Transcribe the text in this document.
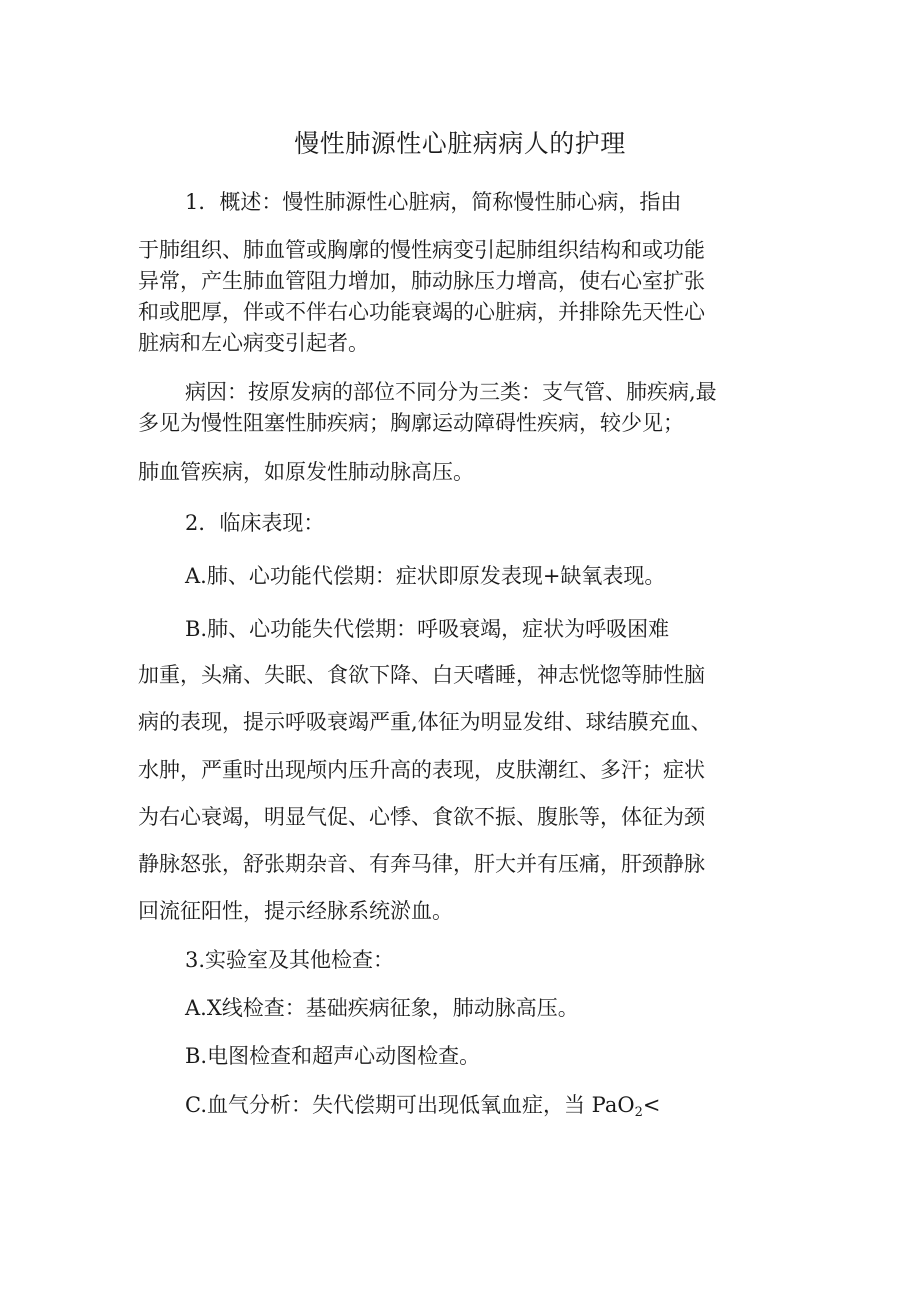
慢性肺源性心脏病病人的护理

1．概述：慢性肺源性心脏病，简称慢性肺心病，指由

于肺组织、肺血管或胸廓的慢性病变引起肺组织结构和或功能

异常，产生肺血管阻力增加，肺动脉压力增高，使右心室扩张

和或肥厚，伴或不伴右心功能衰竭的心脏病，并排除先天性心

脏病和左心病变引起者。

病因：按原发病的部位不同分为三类：支气管、肺疾病,最

多见为慢性阻塞性肺疾病；胸廓运动障碍性疾病，较少见；

肺血管疾病，如原发性肺动脉高压。

2．临床表现：

A.肺、心功能代偿期：症状即原发表现+缺氧表现。

B.肺、心功能失代偿期：呼吸衰竭，症状为呼吸困难

加重，头痛、失眠、食欲下降、白天嗜睡，神志恍惚等肺性脑

病的表现，提示呼吸衰竭严重,体征为明显发绀、球结膜充血、

水肿，严重时出现颅内压升高的表现，皮肤潮红、多汗；症状

为右心衰竭，明显气促、心悸、食欲不振、腹胀等，体征为颈

静脉怒张，舒张期杂音、有奔马律，肝大并有压痛，肝颈静脉

回流征阳性，提示经脉系统淤血。

3.实验室及其他检查：

A.X线检查：基础疾病征象，肺动脉高压。

B.电图检查和超声心动图检查。

C.血气分析：失代偿期可出现低氧血症，当 PaO$_2$<
